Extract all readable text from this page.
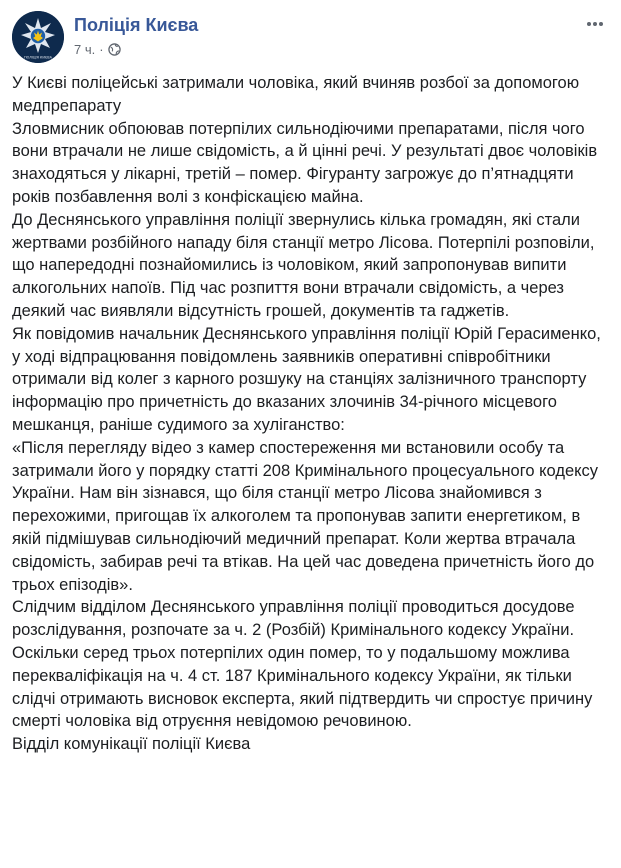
ПОЛІЦІЯ КИЄВА
Поліція Києва
7 ч. ·

У Києві поліцейські затримали чоловіка, який вчиняв розбої за допомогою медпрепарату

Зловмисник обпоював потерпілих сильнодіючими препаратами, після чого вони втрачали не лише свідомість, а й цінні речі. У результаті двоє чоловіків знаходяться у лікарні, третій – помер. Фігуранту загрожує до п’ятнадцяти років позбавлення волі з конфіскацією майна.

До Деснянського управління поліції звернулись кілька громадян, які стали жертвами розбійного нападу біля станції метро Лісова. Потерпілі розповіли, що напередодні познайомились із чоловіком, який запропонував випити алкогольних напоїв. Під час розпиття вони втрачали свідомість, а через деякий час виявляли відсутність грошей, документів та гаджетів.

Як повідомив начальник Деснянського управління поліції Юрій Герасименко, у ході відпрацювання повідомлень заявників оперативні співробітники отримали від колег з карного розшуку на станціях залізничного транспорту інформацію про причетність до вказаних злочинів 34-річного місцевого мешканця, раніше судимого за хуліганство:

«Після перегляду відео з камер спостереження ми встановили особу та затримали його у порядку статті 208 Кримінального процесуального кодексу України. Нам він зізнався, що біля станції метро Лісова знайомився з перехожими, пригощав їх алкоголем та пропонував запити енергетиком, в якій підмішував сильнодіючий медичний препарат. Коли жертва втрачала свідомість, забирав речі та втікав. На цей час доведена причетність його до трьох епізодів».

Слідчим відділом Деснянського управління поліції проводиться досудове розслідування, розпочате за ч. 2 (Розбій) Кримінального кодексу України. Оскільки серед трьох потерпілих один помер, то у подальшому можлива перекваліфікація на ч. 4 ст. 187 Кримінального кодексу України, як тільки слідчі отримають висновок експерта, який підтвердить чи спростує причину смерті чоловіка від отруєння невідомою речовиною.

Відділ комунікації поліції Києва
